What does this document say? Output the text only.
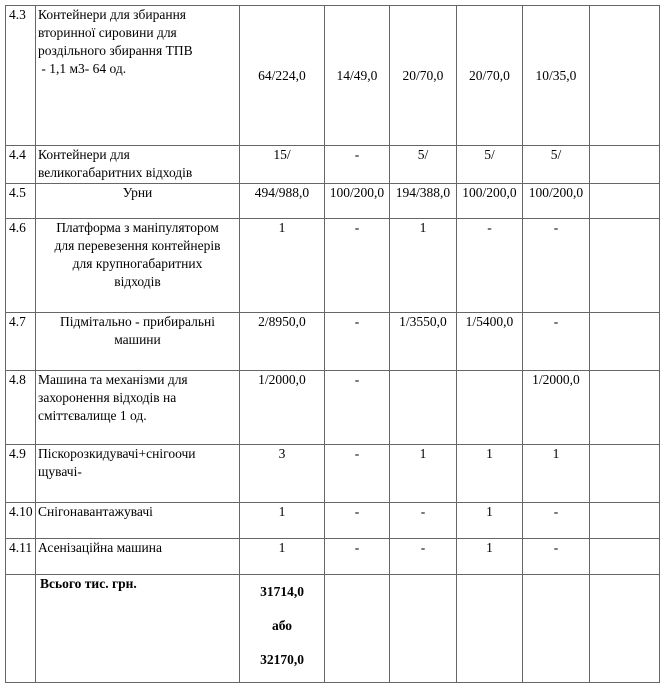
4.3	Контейнери для збирання
вторинної сировини для
роздільного збирання ТПВ
- 1,1 м3- 64 од.	64/224,0	14/49,0	20/70,0	20/70,0	10/35,0	
4.4	Контейнери для
великогабаритних відходів	15/	-	5/	5/	5/	
4.5	Урни	494/988,0	100/200,0	194/388,0	100/200,0	100/200,0	
4.6	Платформа з маніпулятором
для перевезення контейнерів
для крупногабаритних
відходів	1	-	1	-	-	
4.7	Підмітально - прибиральні
машини	2/8950,0	-	1/3550,0	1/5400,0	-	
4.8	Машина та механізми для
захоронення відходів на
сміттєвалище 1 од.	1/2000,0	-			1/2000,0	
4.9	Піскорозкидувачі+снігоочи
щувачі-	3	-	1	1	1	
4.10	Снігонавантажувачі	1	-	-	1	-	
4.11	Асенізаційна машина	1	-	-	1	-	
	Всього тис. грн.	31714,0
або
32170,0					
